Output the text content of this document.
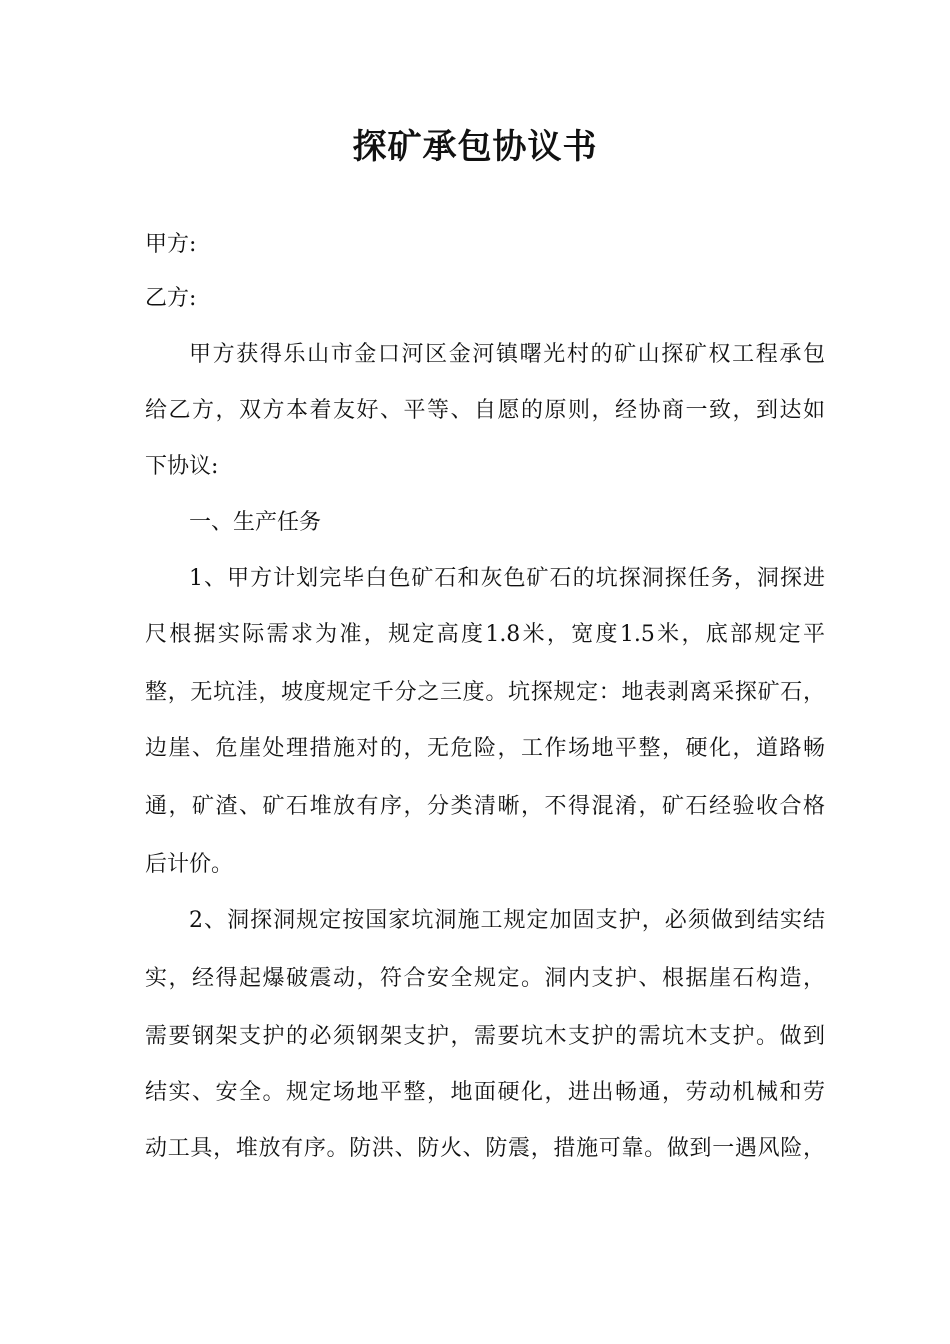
探矿承包协议书

甲方:

乙方:

甲方获得乐山市金口河区金河镇曙光村的矿山探矿权工程承包

给乙方，双方本着友好、平等、自愿的原则，经协商一致，到达如

下协议:

一、生产任务

1、甲方计划完毕白色矿石和灰色矿石的坑探洞探任务，洞探进

尺根据实际需求为准，规定高度1.8米，宽度1.5米，底部规定平

整，无坑洼，坡度规定千分之三度。坑探规定：地表剥离采探矿石，

边崖、危崖处理措施对的，无危险，工作场地平整，硬化，道路畅

通，矿渣、矿石堆放有序，分类清晰，不得混淆，矿石经验收合格

后计价。

2、洞探洞规定按国家坑洞施工规定加固支护，必须做到结实结

实，经得起爆破震动，符合安全规定。洞内支护、根据崖石构造，

需要钢架支护的必须钢架支护，需要坑木支护的需坑木支护。做到

结实、安全。规定场地平整，地面硬化，进出畅通，劳动机械和劳

动工具，堆放有序。防洪、防火、防震，措施可靠。做到一遇风险，
